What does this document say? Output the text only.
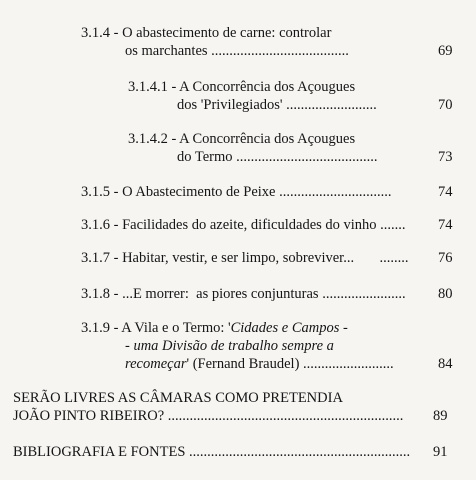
3.1.4 - O abastecimento de carne: controlar
os marchantes ......................................	69
3.1.4.1 - A Concorrência dos Açougues
dos 'Privilegiados' .........................	70
3.1.4.2 - A Concorrência dos Açougues
do Termo .......................................	73
3.1.5 - O Abastecimento de Peixe ...............................	74
3.1.6 - Facilidades do azeite, dificuldades do vinho ....... 74
3.1.7 - Habitar, vestir, e ser limpo, sobreviver...       ........ 76
3.1.8 - ...E morrer:  as piores conjunturas ....................... 80
3.1.9 - A Vila e o Termo: 'Cidades e Campos -
- uma Divisão de trabalho sempre a
recomeçar' (Fernand Braudel) .........................	84
SERÃO LIVRES AS CÂMARAS COMO PRETENDIA
JOÃO PINTO RIBEIRO? ................................................................. 89
BIBLIOGRAFIA E FONTES ............................................................. 91
